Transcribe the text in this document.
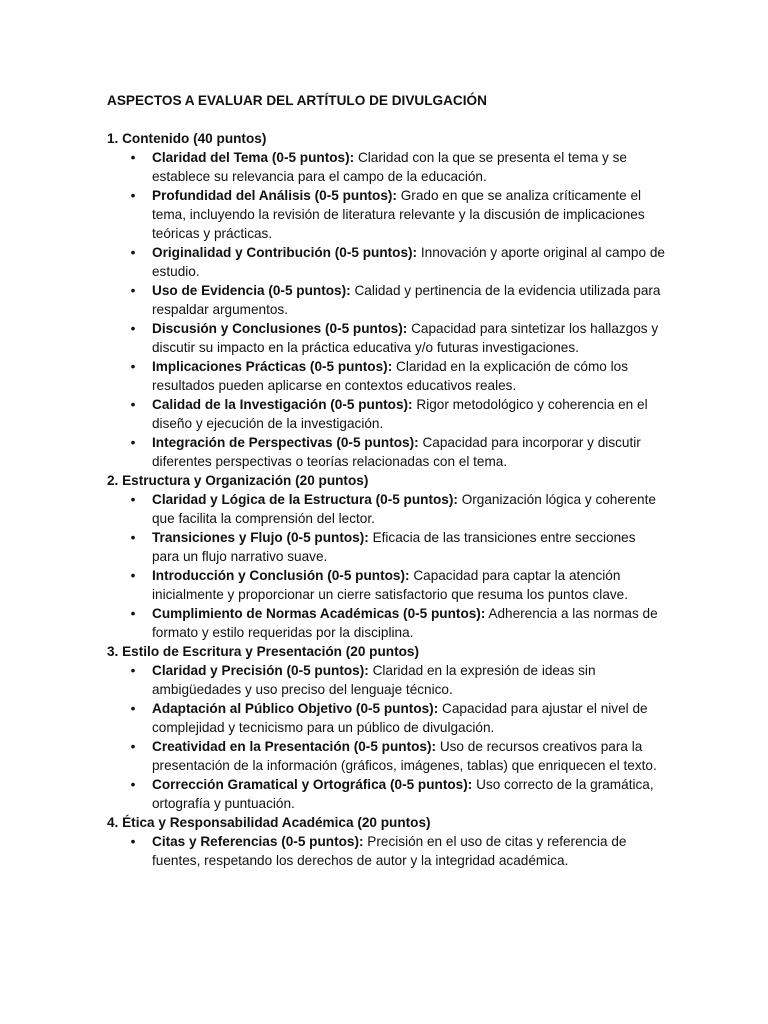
ASPECTOS A EVALUAR DEL ARTÍTULO DE DIVULGACIÓN

1. Contenido (40 puntos)

• Claridad del Tema (0-5 puntos): Claridad con la que se presenta el tema y se establece su relevancia para el campo de la educación.
• Profundidad del Análisis (0-5 puntos): Grado en que se analiza críticamente el tema, incluyendo la revisión de literatura relevante y la discusión de implicaciones teóricas y prácticas.
• Originalidad y Contribución (0-5 puntos): Innovación y aporte original al campo de estudio.
• Uso de Evidencia (0-5 puntos): Calidad y pertinencia de la evidencia utilizada para respaldar argumentos.
• Discusión y Conclusiones (0-5 puntos): Capacidad para sintetizar los hallazgos y discutir su impacto en la práctica educativa y/o futuras investigaciones.
• Implicaciones Prácticas (0-5 puntos): Claridad en la explicación de cómo los resultados pueden aplicarse en contextos educativos reales.
• Calidad de la Investigación (0-5 puntos): Rigor metodológico y coherencia en el diseño y ejecución de la investigación.
• Integración de Perspectivas (0-5 puntos): Capacidad para incorporar y discutir diferentes perspectivas o teorías relacionadas con el tema.

2. Estructura y Organización (20 puntos)

• Claridad y Lógica de la Estructura (0-5 puntos): Organización lógica y coherente que facilita la comprensión del lector.
• Transiciones y Flujo (0-5 puntos): Eficacia de las transiciones entre secciones para un flujo narrativo suave.
• Introducción y Conclusión (0-5 puntos): Capacidad para captar la atención inicialmente y proporcionar un cierre satisfactorio que resuma los puntos clave.
• Cumplimiento de Normas Académicas (0-5 puntos): Adherencia a las normas de formato y estilo requeridas por la disciplina.

3. Estilo de Escritura y Presentación (20 puntos)

• Claridad y Precisión (0-5 puntos): Claridad en la expresión de ideas sin ambigüedades y uso preciso del lenguaje técnico.
• Adaptación al Público Objetivo (0-5 puntos): Capacidad para ajustar el nivel de complejidad y tecnicismo para un público de divulgación.
• Creatividad en la Presentación (0-5 puntos): Uso de recursos creativos para la presentación de la información (gráficos, imágenes, tablas) que enriquecen el texto.
• Corrección Gramatical y Ortográfica (0-5 puntos): Uso correcto de la gramática, ortografía y puntuación.

4. Ética y Responsabilidad Académica (20 puntos)

• Citas y Referencias (0-5 puntos): Precisión en el uso de citas y referencia de fuentes, respetando los derechos de autor y la integridad académica.
